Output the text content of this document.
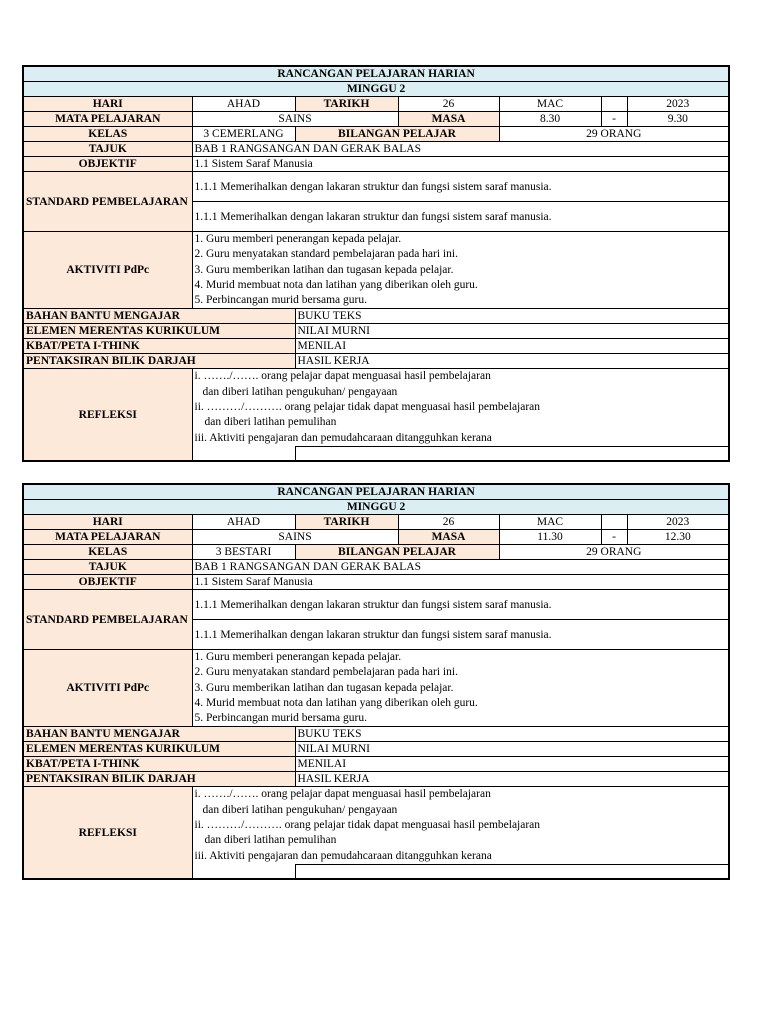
RANCANGAN PELAJARAN HARIAN						
MINGGU 2						
HARI	AHAD	TARIKH	26	MAC		2023
MATA PELAJARAN	SAINS		MASA	8.30	-	9.30
KELAS	3 CEMERLANG	BILANGAN PELAJAR		29 ORANG		
TAJUK	BAB 1 RANGSANGAN DAN GERAK BALAS					
OBJEKTIF	1.1 Sistem Saraf Manusia					
STANDARD PEMBELAJARAN	1.1.1 Memerihalkan dengan lakaran struktur dan fungsi sistem saraf manusia.					
	1.1.1 Memerihalkan dengan lakaran struktur dan fungsi sistem saraf manusia.					
AKTIVITI PdPc	1. Guru memberi penerangan kepada pelajar.
2. Guru menyatakan standard pembelajaran pada hari ini.
3. Guru memberikan latihan dan tugasan kepada pelajar.
4. Murid membuat nota dan latihan yang diberikan oleh guru.
5. Perbincangan murid bersama guru.					

BAHAN BANTU MENGAJAR		BUKU TEKS				
ELEMEN MERENTAS KURIKULUM		NILAI MURNI				
KBAT/PETA I-THINK		MENILAI				
PENTAKSIRAN BILIK DARJAH		HASIL KERJA				
REFLEKSI	i. ……./……. orang pelajar dapat menguasai hasil pembelajaran
dan diberi latihan pengukuhan/ pengayaan
ii. ………/………. orang pelajar tidak dapat menguasai hasil pembelajaran
dan diberi latihan pemulihan
iii. Aktiviti pengajaran dan pemudahcaraan ditangguhkan kerana					

RANCANGAN PELAJARAN HARIAN						
MINGGU 2						
HARI	AHAD	TARIKH	26	MAC		2023
MATA PELAJARAN	SAINS		MASA	11.30	-	12.30
KELAS	3 BESTARI	BILANGAN PELAJAR		29 ORANG		
TAJUK	BAB 1 RANGSANGAN DAN GERAK BALAS					
OBJEKTIF	1.1 Sistem Saraf Manusia					
STANDARD PEMBELAJARAN	1.1.1 Memerihalkan dengan lakaran struktur dan fungsi sistem saraf manusia.					
	1.1.1 Memerihalkan dengan lakaran struktur dan fungsi sistem saraf manusia.					
AKTIVITI PdPc	1. Guru memberi penerangan kepada pelajar.
2. Guru menyatakan standard pembelajaran pada hari ini.
3. Guru memberikan latihan dan tugasan kepada pelajar.
4. Murid membuat nota dan latihan yang diberikan oleh guru.
5. Perbincangan murid bersama guru.					

BAHAN BANTU MENGAJAR		BUKU TEKS				
ELEMEN MERENTAS KURIKULUM		NILAI MURNI				
KBAT/PETA I-THINK		MENILAI				
PENTAKSIRAN BILIK DARJAH		HASIL KERJA				
REFLEKSI	i. ……./……. orang pelajar dapat menguasai hasil pembelajaran
dan diberi latihan pengukuhan/ pengayaan
ii. ………/………. orang pelajar tidak dapat menguasai hasil pembelajaran
dan diberi latihan pemulihan
iii. Aktiviti pengajaran dan pemudahcaraan ditangguhkan kerana					
